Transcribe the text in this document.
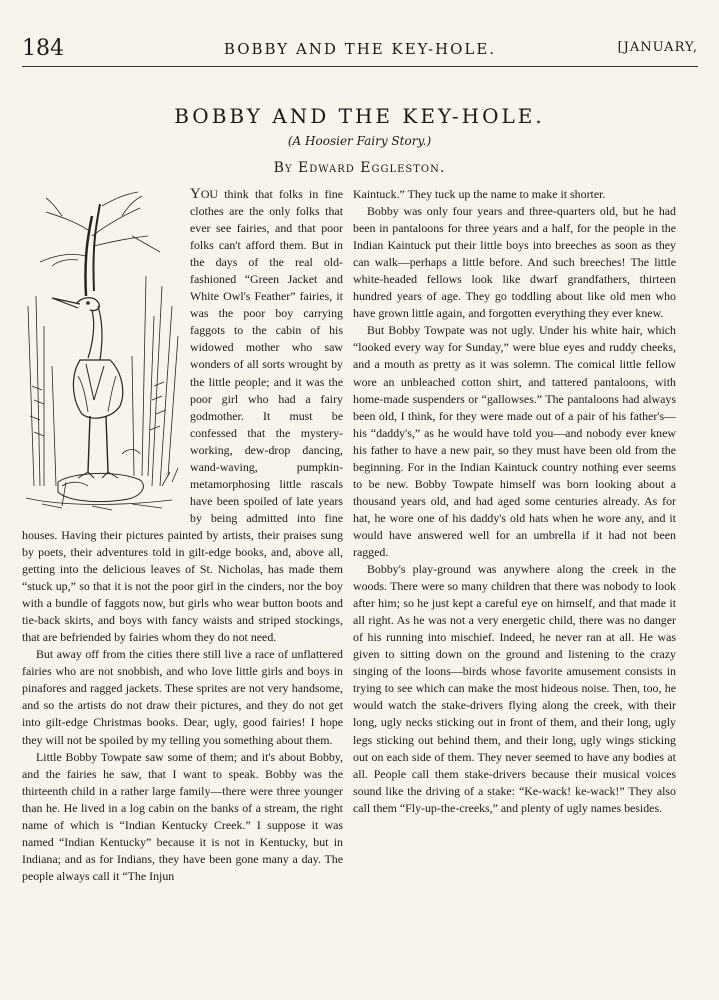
184	BOBBY AND THE KEY-HOLE.	[JANUARY,
BOBBY AND THE KEY-HOLE.
(A Hoosier Fairy Story.)
By Edward Eggleston.

YOU think that folks in fine clothes are the only folks that ever see fairies, and that poor folks can't afford them. But in the days of the real old-fashioned “Green Jacket and White Owl's Feather” fairies, it was the poor boy carrying faggots to the cabin of his widowed mother who saw wonders of all sorts wrought by the little people; and it was the poor girl who had a fairy godmother. It must be confessed that the mystery-working, dew-drop dancing, wand-waving, pumpkin-metamorphosing little rascals have been spoiled of late years by being admitted into fine houses. Having their pictures painted by artists, their praises sung by poets, their adventures told in gilt-edge books, and, above all, getting into the delicious leaves of St. Nicholas, has made them “stuck up,” so that it is not the poor girl in the cinders, nor the boy with a bundle of faggots now, but girls who wear button boots and tie-back skirts, and boys with fancy waists and striped stockings, that are befriended by fairies whom they do not need.

But away off from the cities there still live a race of unflattered fairies who are not snobbish, and who love little girls and boys in pinafores and ragged jackets. These sprites are not very handsome, and so the artists do not draw their pictures, and they do not get into gilt-edge Christmas books. Dear, ugly, good fairies! I hope they will not be spoiled by my telling you something about them.

Little Bobby Towpate saw some of them; and it's about Bobby, and the fairies he saw, that I want to speak. Bobby was the thirteenth child in a rather large family—there were three younger than he. He lived in a log cabin on the banks of a stream, the right name of which is “Indian Kentucky Creek.” I suppose it was named “Indian Kentucky” because it is not in Kentucky, but in Indiana; and as for Indians, they have been gone many a day. The people always call it “The Injun

Kaintuck.” They tuck up the name to make it shorter.

Bobby was only four years and three-quarters old, but he had been in pantaloons for three years and a half, for the people in the Indian Kaintuck put their little boys into breeches as soon as they can walk—perhaps a little before. And such breeches! The little white-headed fellows look like dwarf grandfathers, thirteen hundred years of age. They go toddling about like old men who have grown little again, and forgotten everything they ever knew.

But Bobby Towpate was not ugly. Under his white hair, which “looked every way for Sunday,” were blue eyes and ruddy cheeks, and a mouth as pretty as it was solemn. The comical little fellow wore an unbleached cotton shirt, and tattered pantaloons, with home-made suspenders or “gallowses.” The pantaloons had always been old, I think, for they were made out of a pair of his father's—his “daddy's,” as he would have told you—and nobody ever knew his father to have a new pair, so they must have been old from the beginning. For in the Indian Kaintuck country nothing ever seems to be new. Bobby Towpate himself was born looking about a thousand years old, and had aged some centuries already. As for hat, he wore one of his daddy's old hats when he wore any, and it would have answered well for an umbrella if it had not been ragged.

Bobby's play-ground was anywhere along the creek in the woods. There were so many children that there was nobody to look after him; so he just kept a careful eye on himself, and that made it all right. As he was not a very energetic child, there was no danger of his running into mischief. Indeed, he never ran at all. He was given to sitting down on the ground and listening to the crazy singing of the loons—birds whose favorite amusement consists in trying to see which can make the most hideous noise. Then, too, he would watch the stake-drivers flying along the creek, with their long, ugly necks sticking out in front of them, and their long, ugly legs sticking out behind them, and their long, ugly wings sticking out on each side of them. They never seemed to have any bodies at all. People call them stake-drivers because their musical voices sound like the driving of a stake: “Ke-wack! ke-wack!” They also call them “Fly-up-the-creeks,” and plenty of ugly names besides.
